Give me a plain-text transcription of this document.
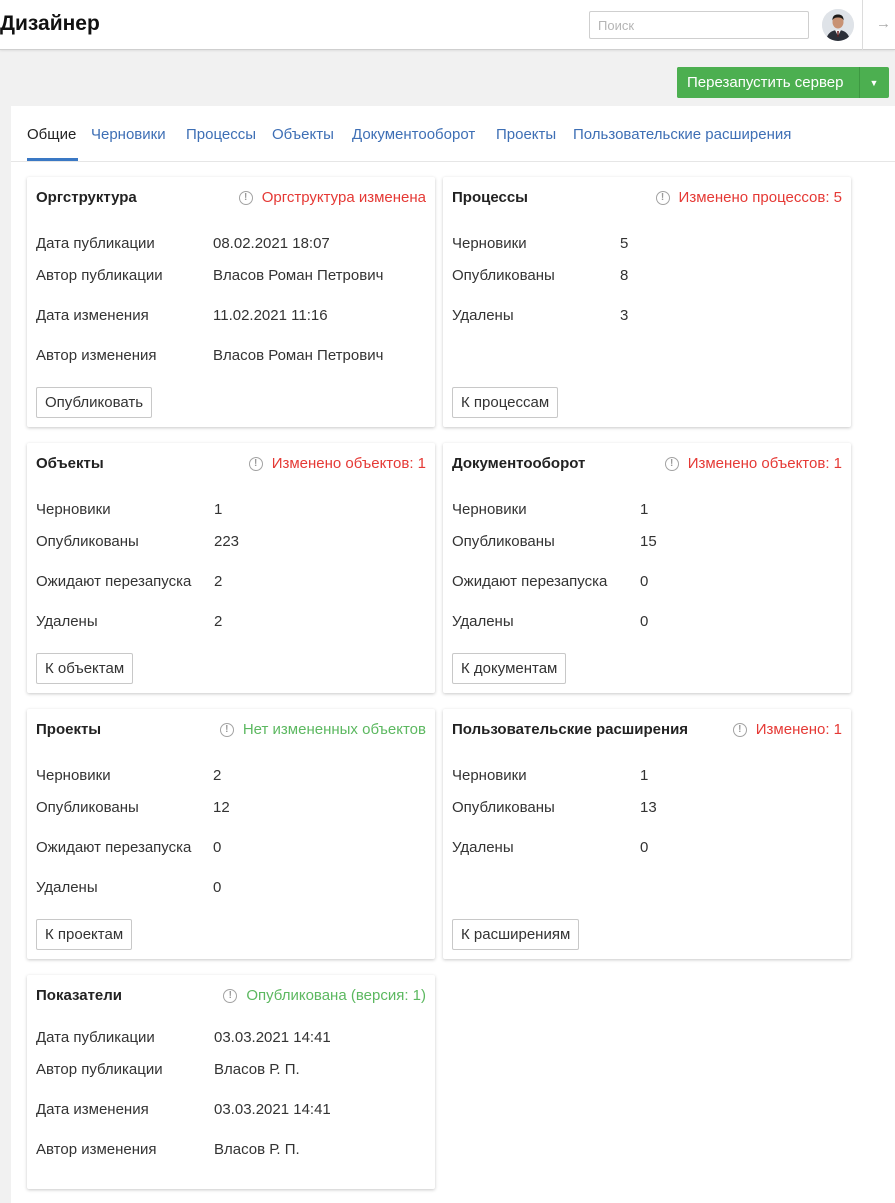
Дизайнер
Поиск	→
Перезапустить сервер	▼
Общие Черновики Процессы Объекты Документооборот Проекты Пользовательские расширения
Оргструктура	! Оргструктура изменена
Дата публикации	08.02.2021 18:07
Автор публикации	Власов Роман Петрович
Дата изменения	11.02.2021 11:16
Автор изменения	Власов Роман Петрович
Опубликовать
Процессы	! Изменено процессов: 5
Черновики	5
Опубликованы	8
Удалены	3
К процессам
Объекты	! Изменено объектов: 1
Черновики	1
Опубликованы	223
Ожидают перезапуска 2
Удалены	2
К объектам
Документооборот	! Изменено объектов: 1
Черновики	1
Опубликованы	15
Ожидают перезапуска 0
Удалены	0
К документам
Проекты	! Нет измененных объектов
Черновики	2
Опубликованы	12
Ожидают перезапуска 0
Удалены	0
К проектам
Пользовательские расширения	! Изменено: 1
Черновики	1
Опубликованы	13
Удалены	0
К расширениям
Показатели	! Опубликована (версия: 1)
Дата публикации	03.03.2021 14:41
Автор публикации	Власов Р. П.
Дата изменения	03.03.2021 14:41
Автор изменения	Власов Р. П.
